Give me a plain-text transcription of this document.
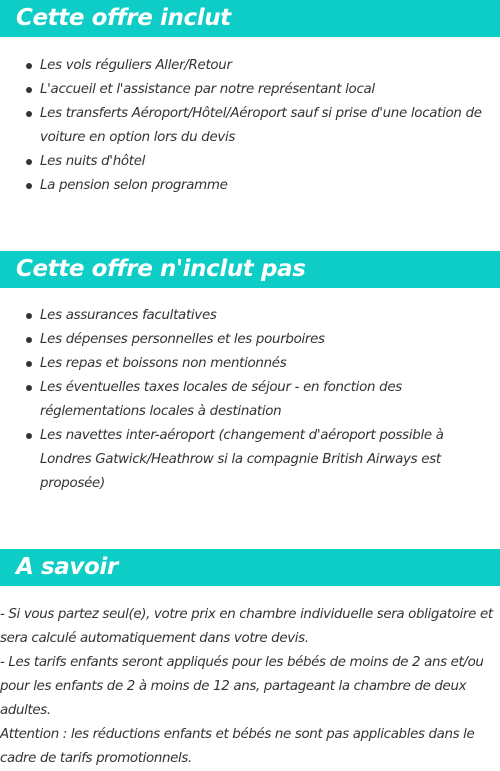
Cette offre inclut
Les vols réguliers Aller/Retour
L'accueil et l'assistance par notre représentant local
Les transferts Aéroport/Hôtel/Aéroport sauf si prise d'une location de voiture en option lors du devis
Les nuits d'hôtel
La pension selon programme
Cette offre n'inclut pas
Les assurances facultatives
Les dépenses personnelles et les pourboires
Les repas et boissons non mentionnés
Les éventuelles taxes locales de séjour - en fonction des réglementations locales à destination
Les navettes inter-aéroport (changement d'aéroport possible à Londres Gatwick/Heathrow si la compagnie British Airways est proposée)
A savoir

- Si vous partez seul(e), votre prix en chambre individuelle sera obligatoire et sera calculé automatiquement dans votre devis.

- Les tarifs enfants seront appliqués pour les bébés de moins de 2 ans et/ou pour les enfants de 2 à moins de 12 ans, partageant la chambre de deux adultes.

Attention : les réductions enfants et bébés ne sont pas applicables dans le cadre de tarifs promotionnels.
